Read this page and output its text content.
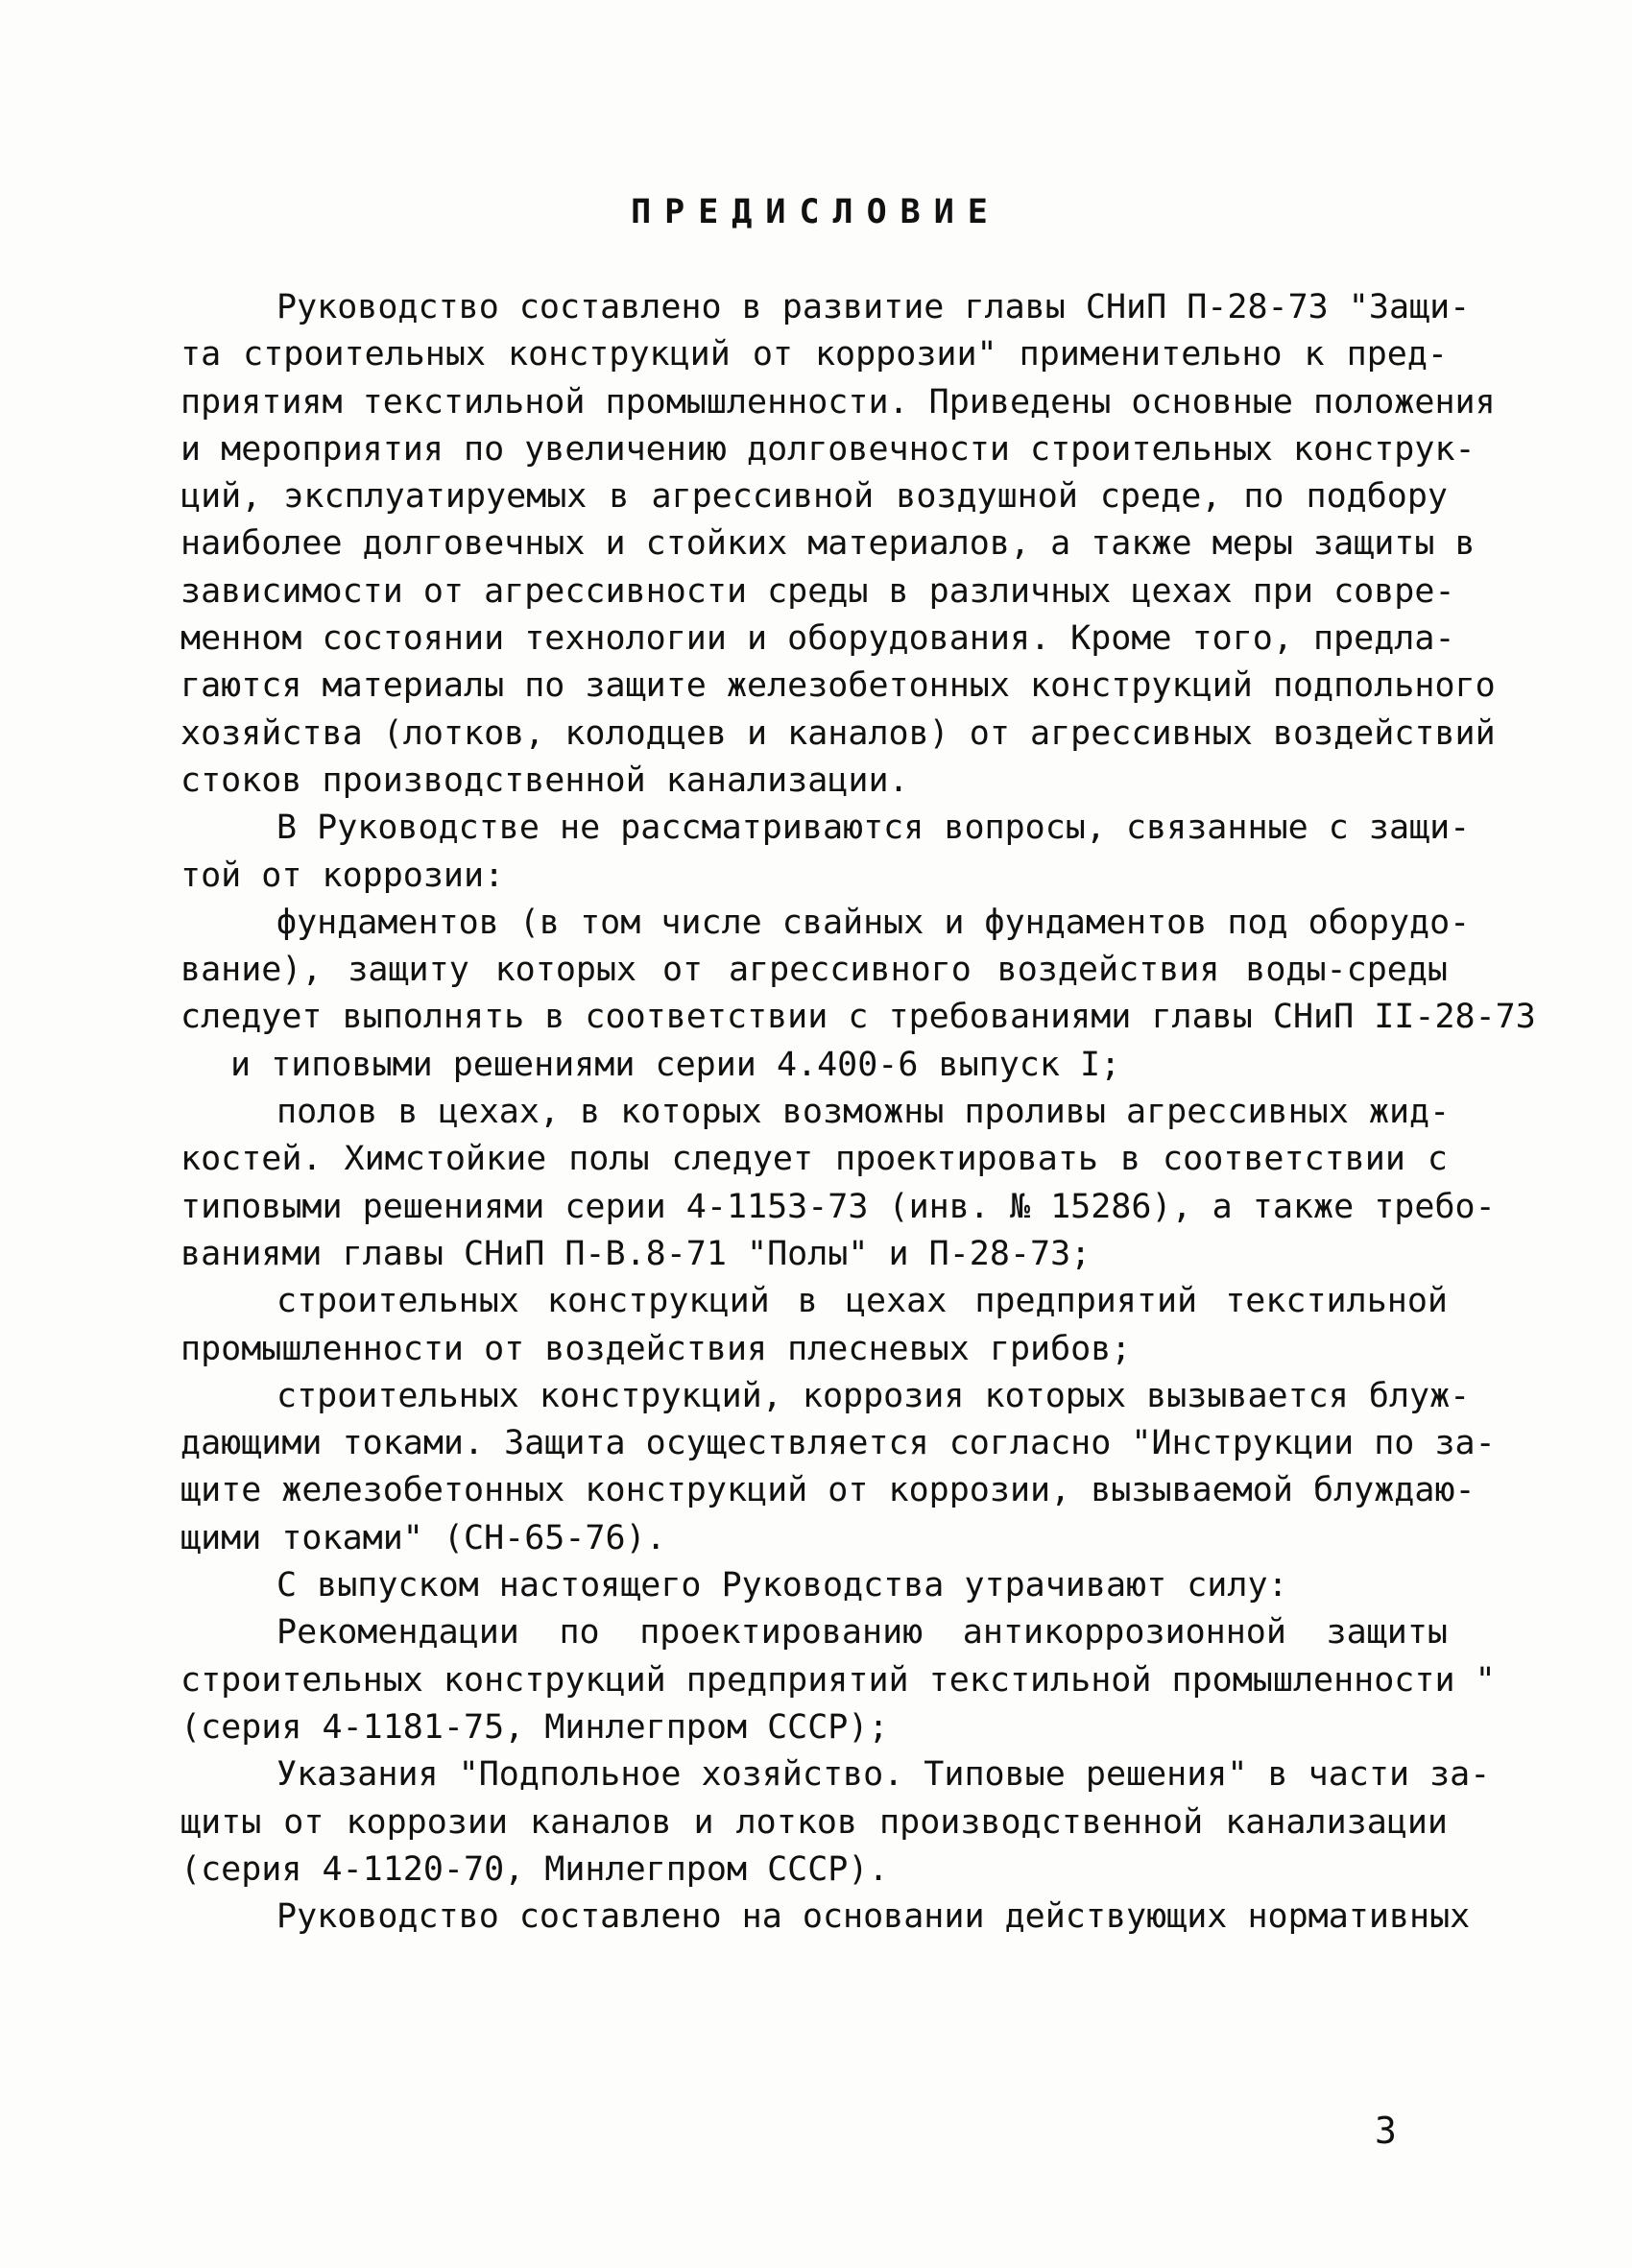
ПРЕДИСЛОВИЕ
Руководство составлено в развитие главы СНиП П-28-73 "Защи-
та строительных конструкций от коррозии" применительно к пред-
приятиям текстильной промышленности. Приведены основные положения
и мероприятия по увеличению долговечности строительных конструк-
ций, эксплуатируемых в агрессивной воздушной среде, по подбору
наиболее долговечных и стойких материалов, а также меры защиты в
зависимости от агрессивности среды в различных цехах при совре-
менном состоянии технологии и оборудования. Кроме того, предла-
гаются материалы по защите железобетонных конструкций подпольного
хозяйства (лотков, колодцев и каналов) от агрессивных воздействий
стоков производственной канализации.
В Руководстве не рассматриваются вопросы, связанные с защи-
той от коррозии:
фундаментов (в том числе свайных и фундаментов под оборудо-
вание), защиту которых от агрессивного воздействия воды-среды
следует выполнять в соответствии с требованиями главы СНиП II-28-73
и типовыми решениями серии 4.400-6 выпуск I;
полов в цехах, в которых возможны проливы агрессивных жид-
костей. Химстойкие полы следует проектировать в соответствии с
типовыми решениями серии 4-1153-73 (инв. № 15286), а также требо-
ваниями главы СНиП П-В.8-71 "Полы" и П-28-73;
строительных конструкций в цехах предприятий текстильной
промышленности от воздействия плесневых грибов;
строительных конструкций, коррозия которых вызывается блуж-
дающими токами. Защита осуществляется согласно "Инструкции по за-
щите железобетонных конструкций от коррозии, вызываемой блуждаю-
щими токами" (СН-65-76).
С выпуском настоящего Руководства утрачивают силу:
Рекомендации по проектированию антикоррозионной защиты
строительных конструкций предприятий текстильной промышленности "
(серия 4-1181-75, Минлегпром СССР);
Указания "Подпольное хозяйство. Типовые решения" в части за-
щиты от коррозии каналов и лотков производственной канализации
(серия 4-1120-70, Минлегпром СССР).
Руководство составлено на основании действующих нормативных
3
